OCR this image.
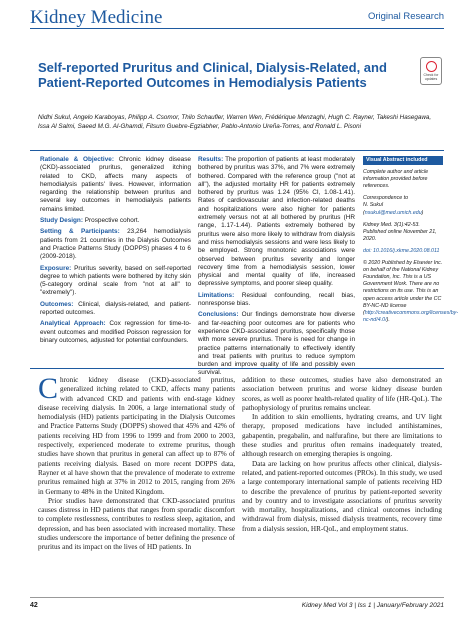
Kidney Medicine	Original Research
Self-reported Pruritus and Clinical, Dialysis-Related, and Patient-Reported Outcomes in Hemodialysis Patients	Check for updates
Nidhi Sukul, Angelo Karaboyas, Philipp A. Csomor, Thilo Schaufler, Warren Wen, Frédérique Menzaghi, Hugh C. Rayner, Takeshi Hasegawa, Issa Al Salmi, Saeed M.G. Al-Ghamdi, Fitsum Guebre-Egziabher, Pablo-Antonio Ureña-Torres, and Ronald L. Pisoni

Rationale & Objective: Chronic kidney disease (CKD)-associated pruritus, generalized itching related to CKD, affects many aspects of hemodialysis patients' lives. However, information regarding the relationship between pruritus and several key outcomes in hemodialysis patients remains limited.

Study Design: Prospective cohort.

Setting & Participants: 23,264 hemodialysis patients from 21 countries in the Dialysis Outcomes and Practice Patterns Study (DOPPS) phases 4 to 6 (2009-2018).

Exposure: Pruritus severity, based on self-reported degree to which patients were bothered by itchy skin (5-category ordinal scale from "not at all" to "extremely").

Outcomes: Clinical, dialysis-related, and patient-reported outcomes.

Analytical Approach: Cox regression for time-to-event outcomes and modified Poisson regression for binary outcomes, adjusted for potential confounders.

Results: The proportion of patients at least moderately bothered by pruritus was 37%, and 7% were extremely bothered. Compared with the reference group ("not at all"), the adjusted mortality HR for patients extremely bothered by pruritus was 1.24 (95% CI, 1.08-1.41). Rates of cardiovascular and infection-related deaths and hospitalizations were also higher for patients extremely versus not at all bothered by pruritus (HR range, 1.17-1.44). Patients extremely bothered by pruritus were also more likely to withdraw from dialysis and miss hemodialysis sessions and were less likely to be employed. Strong monotonic associations were observed between pruritus severity and longer recovery time from a hemodialysis session, lower physical and mental quality of life, increased depressive symptoms, and poorer sleep quality.

Limitations: Residual confounding, recall bias, nonresponse bias.

Conclusions: Our findings demonstrate how diverse and far-reaching poor outcomes are for patients who experience CKD-associated pruritus, specifically those with more severe pruritus. There is need for change in practice patterns internationally to effectively identify and treat patients with pruritus to reduce symptom burden and improve quality of life and possibly even survival.

Visual Abstract included

Complete author and article information provided before references.

Correspondence to
N. Sukul (nsukul@med.umich.edu)

Kidney Med. 3(1):42-53. Published online November 21, 2020.

doi: 10.1016/j.xkme.2020.08.011

© 2020 Published by Elsevier Inc. on behalf of the National Kidney Foundation, Inc. This is a US Government Work. There are no restrictions on its use. This is an open access article under the CC BY-NC-ND license (http://creativecommons.org/licenses/by-nc-nd/4.0/).

Chronic kidney disease (CKD)-associated pruritus, generalized itching related to CKD, affects many patients with advanced CKD and patients with end-stage kidney disease receiving dialysis. In 2006, a large international study of hemodialysis (HD) patients participating in the Dialysis Outcomes and Practice Patterns Study (DOPPS) showed that 45% and 42% of patients receiving HD from 1996 to 1999 and from 2000 to 2003, respectively, experienced moderate to extreme pruritus, though studies have shown that pruritus in general can affect up to 87% of patients receiving dialysis. Based on more recent DOPPS data, Rayner et al have shown that the prevalence of moderate to extreme pruritus remained high at 37% in 2012 to 2015, ranging from 26% in Germany to 48% in the United Kingdom.

Prior studies have demonstrated that CKD-associated pruritus causes distress in HD patients that ranges from sporadic discomfort to complete restlessness, contributes to restless sleep, agitation, and depression, and has been associated with increased mortality. These studies underscore the importance of better defining the presence of pruritus and its impact on the lives of HD patients. In

addition to these outcomes, studies have also demonstrated an association between pruritus and worse kidney disease burden scores, as well as poorer health-related quality of life (HR-QoL). The pathophysiology of pruritus remains unclear.

In addition to skin emollients, hydrating creams, and UV light therapy, proposed medications have included antihistamines, gabapentin, pregabalin, and nalfurafine, but there are limitations to these studies and pruritus often remains inadequately treated, although research on emerging therapies is ongoing.

Data are lacking on how pruritus affects other clinical, dialysis-related, and patient-reported outcomes (PROs). In this study, we used a large contemporary international sample of patients receiving HD to describe the prevalence of pruritus by patient-reported severity and by country and to investigate associations of pruritus severity with mortality, hospitalizations, and clinical outcomes including withdrawal from dialysis, missed dialysis treatments, recovery time from a dialysis session, HR-QoL, and employment status.

42	Kidney Med Vol 3 | Iss 1 | January/February 2021
